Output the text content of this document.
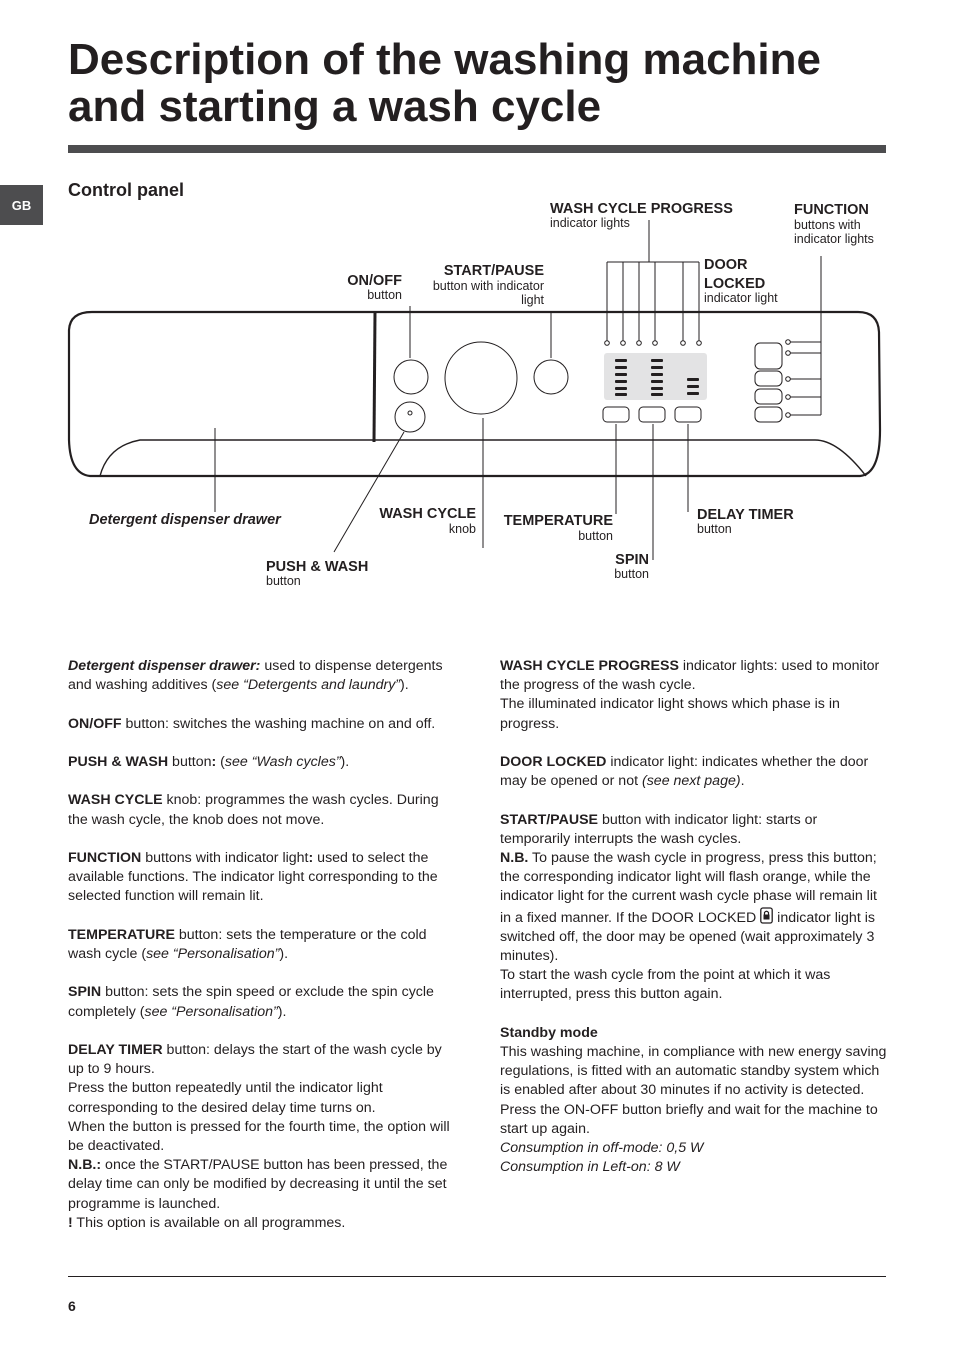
Description of the washing machine and starting a wash cycle
GB
Control panel
WASH CYCLE PROGRESS
indicator lights
FUNCTION
buttons with
indicator lights
ON/OFF
button
START/PAUSE
button with indicator
light
DOOR
LOCKED
indicator light
Detergent dispenser drawer	WASH CYCLE
knob	TEMPERATURE
button
DELAY TIMER
button
PUSH & WASH
button
SPIN
button

Detergent dispenser drawer: used to dispense detergents and washing additives (see “Detergents and laundry”).

ON/OFF button: switches the washing machine on and off.

PUSH & WASH button: (see “Wash cycles”).

WASH CYCLE knob: programmes the wash cycles. During the wash cycle, the knob does not move.

FUNCTION buttons with indicator light: used to select the available functions. The indicator light corresponding to the selected function will remain lit.

TEMPERATURE button: sets the temperature or the cold wash cycle (see “Personalisation”).

SPIN button: sets the spin speed or exclude the spin cycle completely (see “Personalisation”).

DELAY TIMER button: delays the start of the wash cycle by up to 9 hours.
Press the button repeatedly until the indicator light corresponding to the desired delay time turns on.
When the button is pressed for the fourth time, the option will be deactivated.
N.B.: once the START/PAUSE button has been pressed, the delay time can only be modified by decreasing it until the set programme is launched.
! This option is available on all programmes.

WASH CYCLE PROGRESS indicator lights: used to monitor the progress of the wash cycle.
The illuminated indicator light shows which phase is in progress.

DOOR LOCKED indicator light: indicates whether the door may be opened or not (see next page).

START/PAUSE button with indicator light: starts or temporarily interrupts the wash cycles.
N.B. To pause the wash cycle in progress, press this button; the corresponding indicator light will flash orange, while the indicator light for the current wash cycle phase will remain lit in a fixed manner. If the DOOR LOCKED  indicator light is switched off, the door may be opened (wait approximately 3 minutes).
To start the wash cycle from the point at which it was interrupted, press this button again.

Standby mode
This washing machine, in compliance with new energy saving regulations, is fitted with an automatic standby system which is enabled after about 30 minutes if no activity is detected. Press the ON-OFF button briefly and wait for the machine to start up again.
Consumption in off-mode: 0,5 W
Consumption in Left-on: 8 W
6
